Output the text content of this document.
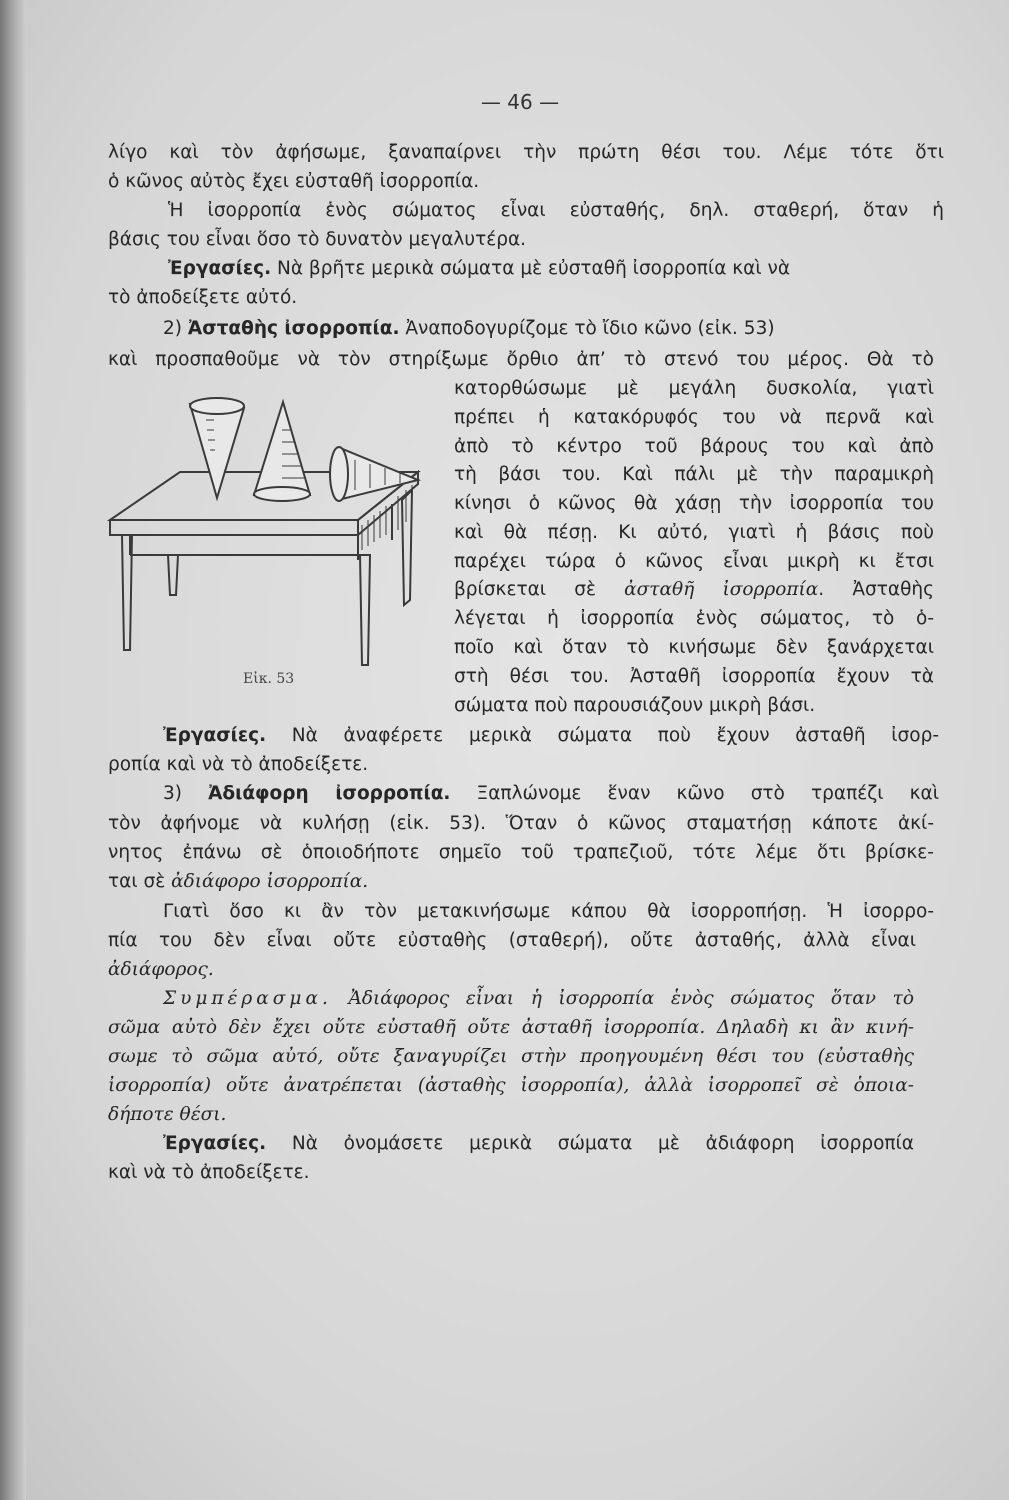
— 46 —
λίγο καὶ τὸν ἀφήσωμε, ξαναπαίρνει τὴν πρώτη θέσι του. Λέμε τότε ὅτι
ὁ κῶνος αὐτὸς ἔχει εὐσταθῆ ἰσορροπία.
Ἡ ἰσορροπία ἑνὸς σώματος εἶναι εὐσταθής, δηλ. σταθερή, ὅταν ἡ
βάσις του εἶναι ὅσο τὸ δυνατὸν μεγαλυτέρα.
Ἐργασίες. Νὰ βρῆτε μερικὰ σώματα μὲ εὐσταθῆ ἰσορροπία καὶ νὰ
τὸ ἀποδείξετε αὐτό.
2) Ἀσταθὴς ἰσορροπία. Ἀναποδογυρίζομε τὸ ἴδιο κῶνο (εἰκ. 53)
καὶ προσπαθοῦμε νὰ τὸν στηρίξωμε ὄρθιο ἀπ’ τὸ στενό του μέρος. Θὰ τὸ
Εἰκ. 53
κατορθώσωμε μὲ μεγάλη δυσκολία, γιατὶ
πρέπει ἡ κατακόρυφός του νὰ περνᾶ καὶ
ἀπὸ τὸ κέντρο τοῦ βάρους του καὶ ἀπὸ
τὴ βάσι του. Καὶ πάλι μὲ τὴν παραμικρὴ
κίνησι ὁ κῶνος θὰ χάσῃ τὴν ἰσορροπία του
καὶ θὰ πέσῃ. Κι αὐτό, γιατὶ ἡ βάσις ποὺ
παρέχει τώρα ὁ κῶνος εἶναι μικρὴ κι ἔτσι
βρίσκεται σὲ ἀσταθῆ ἰσορροπία. Ἀσταθὴς
λέγεται ἡ ἰσορροπία ἑνὸς σώματος, τὸ ὁ-
ποῖο καὶ ὅταν τὸ κινήσωμε δὲν ξανάρχεται
στὴ θέσι του. Ἀσταθῆ ἰσορροπία ἔχουν τὰ
σώματα ποὺ παρουσιάζουν μικρὴ βάσι.
Ἐργασίες. Νὰ ἀναφέρετε μερικὰ σώματα ποὺ ἔχουν ἀσταθῆ ἰσορ-
ροπία καὶ νὰ τὸ ἀποδείξετε.
3) Ἀδιάφορη ἰσορροπία. Ξαπλώνομε ἕναν κῶνο στὸ τραπέζι καὶ
τὸν ἀφήνομε νὰ κυλήσῃ (εἰκ. 53). Ὅταν ὁ κῶνος σταματήσῃ κάποτε ἀκί-
νητος ἐπάνω σὲ ὁποιοδήποτε σημεῖο τοῦ τραπεζιοῦ, τότε λέμε ὅτι βρίσκε-
ται σὲ ἀδιάφορο ἰσορροπία.
Γιατὶ ὅσο κι ἂν τὸν μετακινήσωμε κάπου θὰ ἰσορροπήσῃ. Ἡ ἰσορρο-
πία του δὲν εἶναι οὔτε εὐσταθὴς (σταθερή), οὔτε ἀσταθής, ἀλλὰ εἶναι
ἀδιάφορος.
Συμπέρασμα. Ἀδιάφορος εἶναι ἡ ἰσορροπία ἑνὸς σώματος ὅταν τὸ
σῶμα αὐτὸ δὲν ἔχει οὔτε εὐσταθῆ οὔτε ἀσταθῆ ἰσορροπία. Δηλαδὴ κι ἂν κινή-
σωμε τὸ σῶμα αὐτό, οὔτε ξαναγυρίζει στὴν προηγουμένη θέσι του (εὐσταθὴς
ἰσορροπία) οὔτε ἀνατρέπεται (ἀσταθὴς ἰσορροπία), ἀλλὰ ἰσορροπεῖ σὲ ὁποια-
δήποτε θέσι.
Ἐργασίες. Νὰ ὀνομάσετε μερικὰ σώματα μὲ ἀδιάφορη ἰσορροπία
καὶ νὰ τὸ ἀποδείξετε.
